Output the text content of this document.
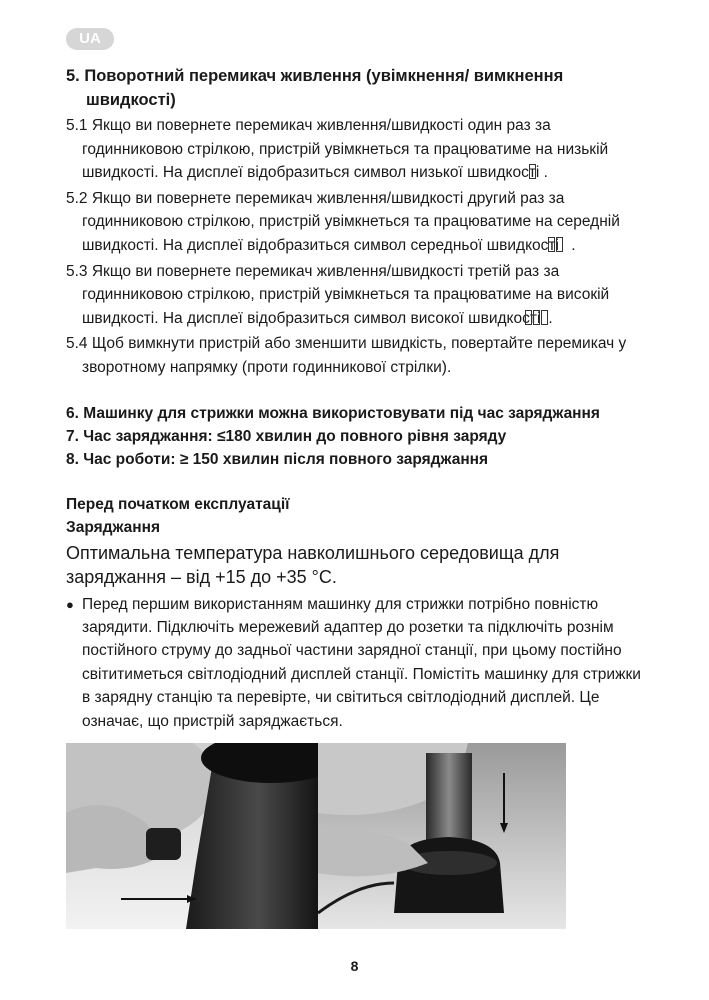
UA
5. Поворотний перемикач живлення (увімкнення/ вимкнення швидкості)

5.1 Якщо ви повернете перемикач живлення/швидкості один раз за годинниковою стрілкою, пристрій увімкнеться та працюватиме на низькій швидкості. На дисплеї відобразиться символ низької швидкості .

5.2 Якщо ви повернете перемикач живлення/швидкості другий раз за годинниковою стрілкою, пристрій увімкнеться та працюватиме на середній швидкості. На дисплеї відобразиться символ середньої швидкості .

5.3 Якщо ви повернете перемикач живлення/швидкості третій раз за годинниковою стрілкою, пристрій увімкнеться та працюватиме на високій швидкості. На дисплеї відобразиться символ високої швидкості .

5.4 Щоб вимкнути пристрій або зменшити швидкість, повертайте перемикач у зворотному напрямку (проти годинникової стрілки).

6. Машинку для стрижки можна використовувати під час заряджання

7. Час заряджання: ≤180 хвилин до повного рівня заряду

8. Час роботи: ≥ 150 хвилин після повного заряджання

Перед початком експлуатації
Заряджання

Оптимальна температура навколишнього середовища для заряджання – від +15 до +35 °C.

● Перед першим використанням машинку для стрижки потрібно повністю зарядити. Підключіть мережевий адаптер до розетки та підключіть рознім постійного струму до задньої частини зарядної станції, при цьому постійно світитиметься світлодіодний дисплей станції. Помістіть машинку для стрижки в зарядну станцію та перевірте, чи світиться світлодіодний дисплей. Це означає, що пристрій заряджається.

8
